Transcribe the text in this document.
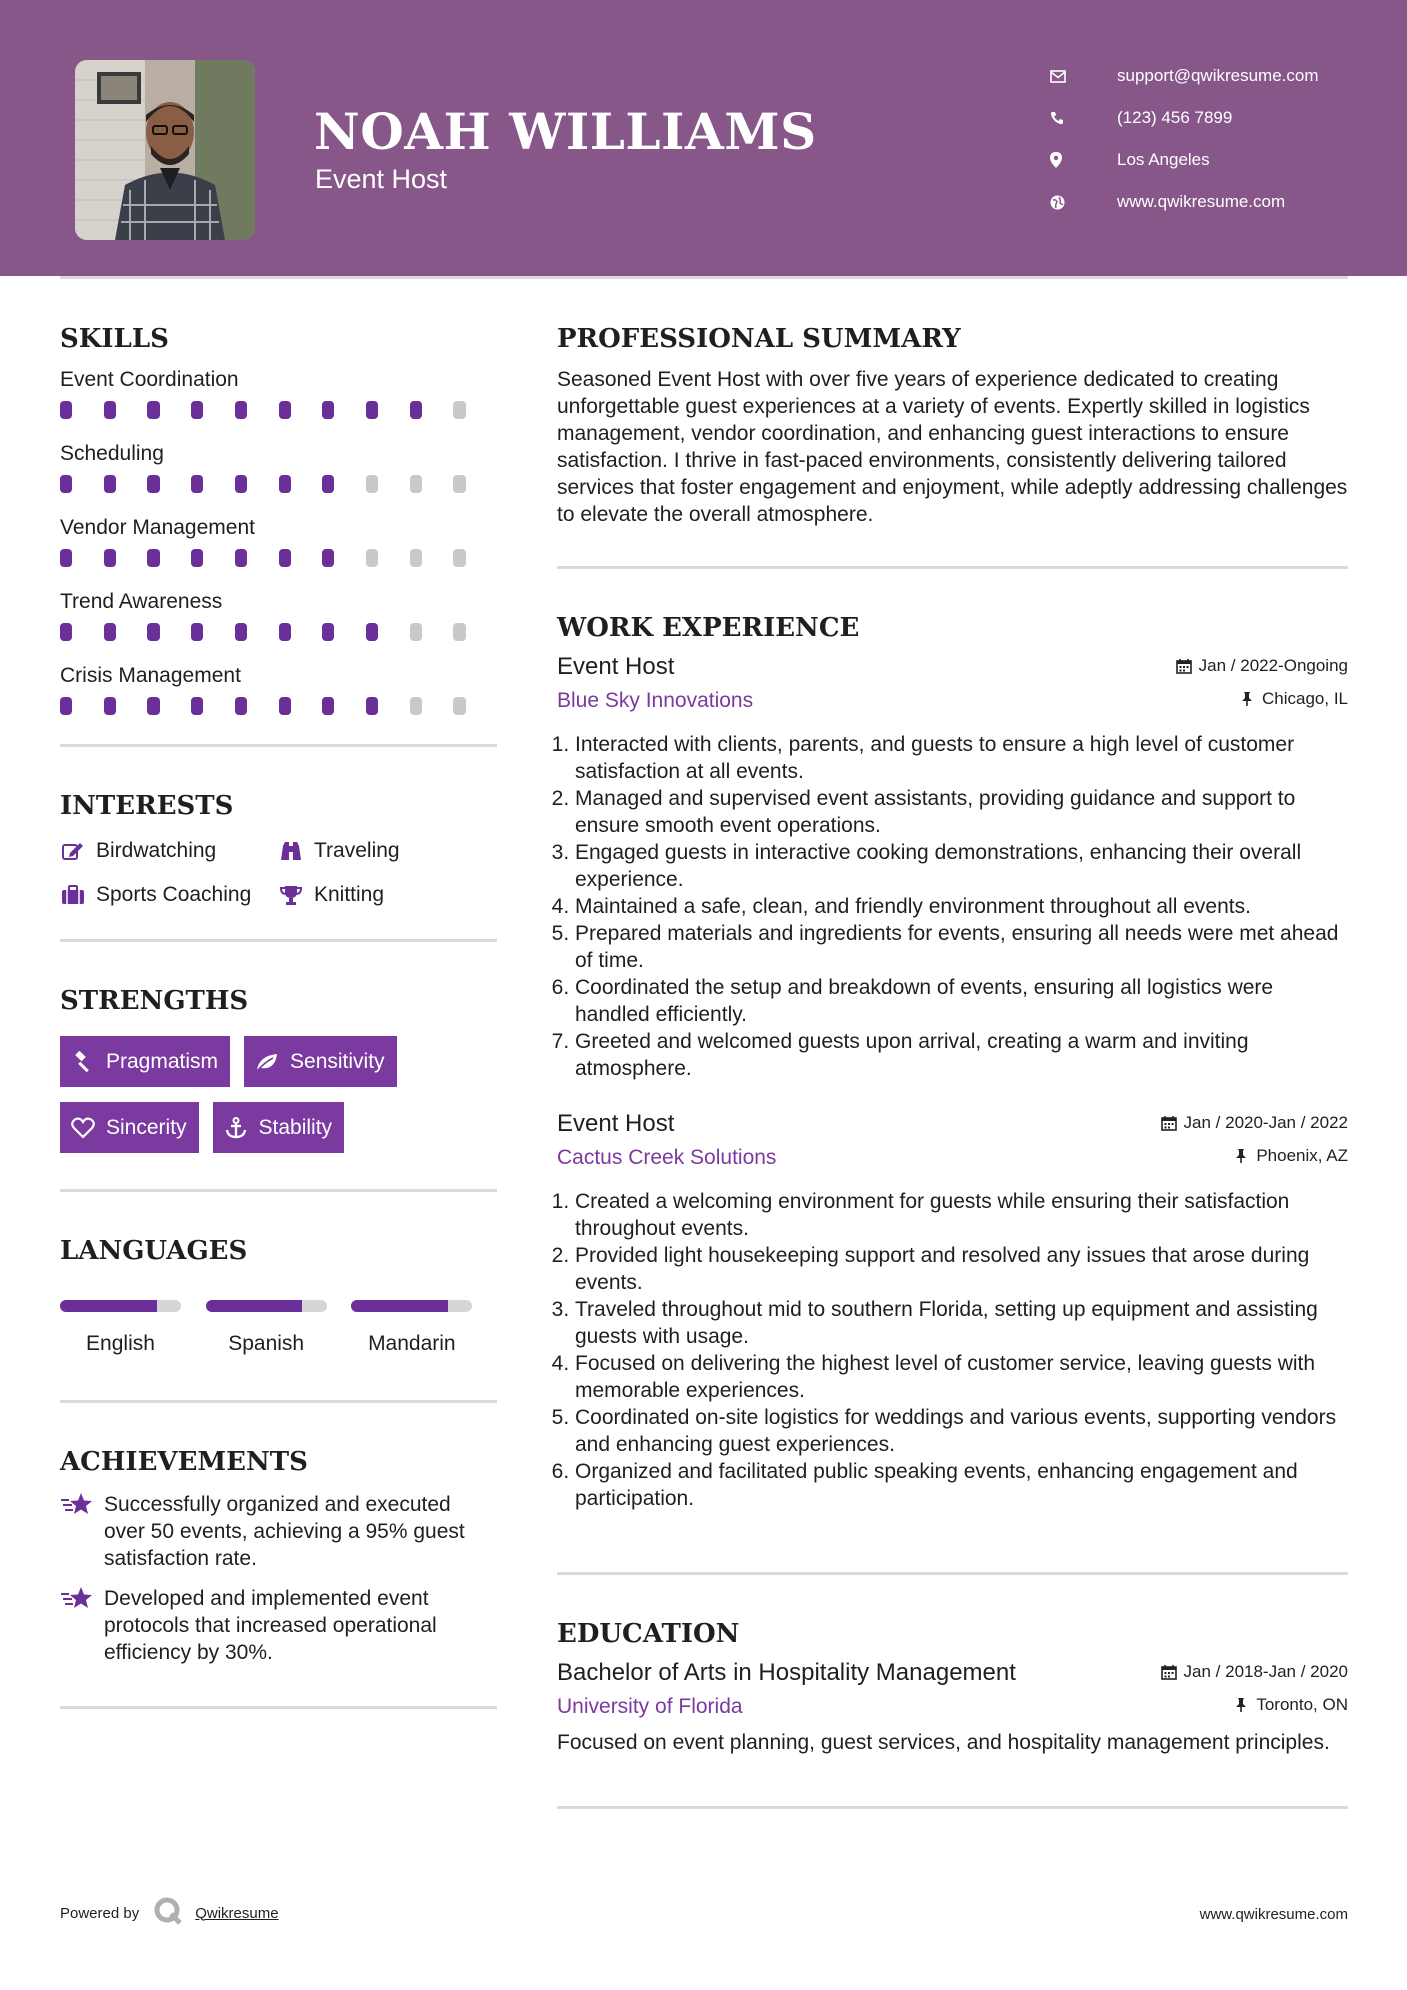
NOAH WILLIAMS
Event Host
support@qwikresume.com
(123) 456 7899
Los Angeles
www.qwikresume.com
SKILLS
Event Coordination
Scheduling
Vendor Management
Trend Awareness
Crisis Management
INTERESTS
Birdwatching	Traveling
Sports Coaching	Knitting
STRENGTHS
Pragmatism	Sensitivity
Sincerity	Stability
LANGUAGES
English	Spanish	Mandarin
ACHIEVEMENTS
Successfully organized and executed over 50 events, achieving a 95% guest satisfaction rate.
Developed and implemented event protocols that increased operational efficiency by 30%.
PROFESSIONAL SUMMARY
Seasoned Event Host with over five years of experience dedicated to creating unforgettable guest experiences at a variety of events. Expertly skilled in logistics management, vendor coordination, and enhancing guest interactions to ensure satisfaction. I thrive in fast-paced environments, consistently delivering tailored services that foster engagement and enjoyment, while adeptly addressing challenges to elevate the overall atmosphere.
WORK EXPERIENCE
Event Host	Jan / 2022-Ongoing
Blue Sky Innovations	Chicago, IL
1. Interacted with clients, parents, and guests to ensure a high level of customer satisfaction at all events.
2. Managed and supervised event assistants, providing guidance and support to ensure smooth event operations.
3. Engaged guests in interactive cooking demonstrations, enhancing their overall experience.
4. Maintained a safe, clean, and friendly environment throughout all events.
5. Prepared materials and ingredients for events, ensuring all needs were met ahead of time.
6. Coordinated the setup and breakdown of events, ensuring all logistics were handled efficiently.
7. Greeted and welcomed guests upon arrival, creating a warm and inviting atmosphere.
Event Host	Jan / 2020-Jan / 2022
Cactus Creek Solutions	Phoenix, AZ
1. Created a welcoming environment for guests while ensuring their satisfaction throughout events.
2. Provided light housekeeping support and resolved any issues that arose during events.
3. Traveled throughout mid to southern Florida, setting up equipment and assisting guests with usage.
4. Focused on delivering the highest level of customer service, leaving guests with memorable experiences.
5. Coordinated on-site logistics for weddings and various events, supporting vendors and enhancing guest experiences.
6. Organized and facilitated public speaking events, enhancing engagement and participation.
EDUCATION
Bachelor of Arts in Hospitality Management	Jan / 2018-Jan / 2020
University of Florida	Toronto, ON
Focused on event planning, guest services, and hospitality management principles.
Powered by	Qwikresume	www.qwikresume.com
